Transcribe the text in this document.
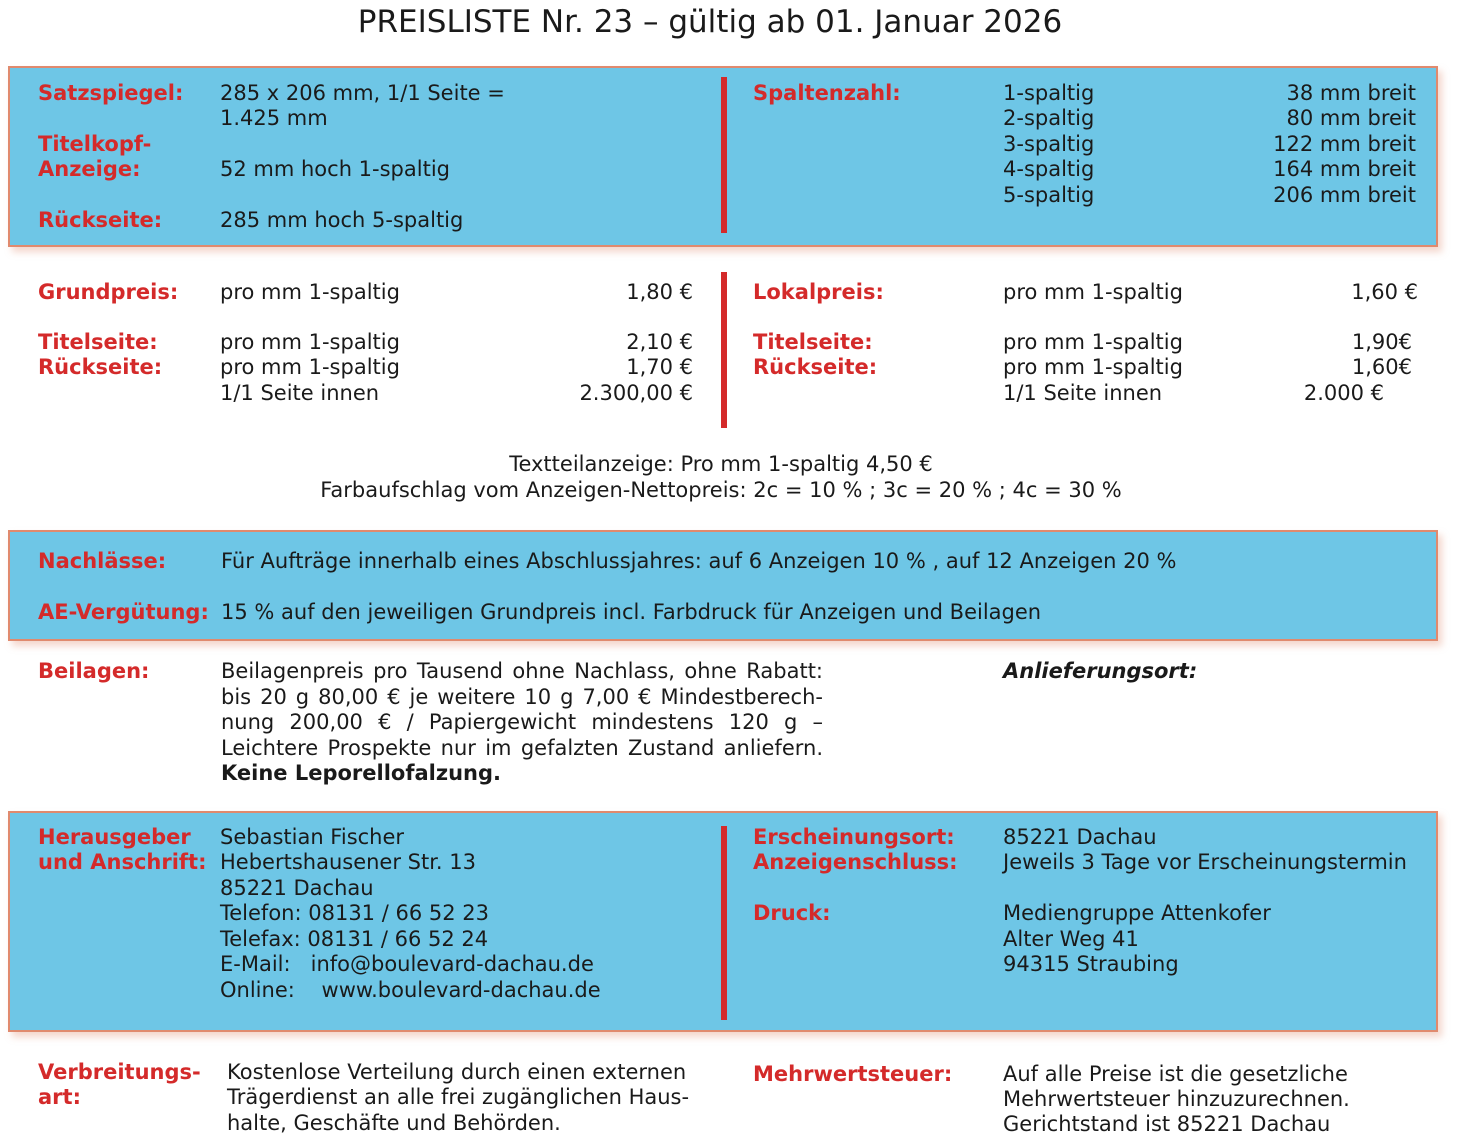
PREISLISTE Nr. 23 – gültig ab 01. Januar 2026
Satzspiegel: 285 x 206 mm, 1/1 Seite =
1.425 mm
Titelkopf-
Anzeige:	52 mm hoch 1-spaltig
Rückseite:	285 mm hoch 5-spaltig
Spaltenzahl:	1-spaltig	38 mm breit
2-spaltig	80 mm breit
3-spaltig	122 mm breit
4-spaltig	164 mm breit
5-spaltig	206 mm breit
Grundpreis: pro mm 1-spaltig	1,80 €
Titelseite:	pro mm 1-spaltig	2,10 €
Rückseite:	pro mm 1-spaltig	1,70 €
1/1 Seite innen	2.300,00 €
Lokalpreis:	pro mm 1-spaltig	1,60 €
Titelseite:	pro mm 1-spaltig	1,90€
Rückseite:	pro mm 1-spaltig	1,60€
1/1 Seite innen	2.000 €
Textteilanzeige: Pro mm 1-spaltig 4,50 €
Farbaufschlag vom Anzeigen-Nettopreis: 2c = 10 % ; 3c = 20 % ; 4c = 30 %
Nachlässe:	Für Aufträge innerhalb eines Abschlussjahres: auf 6 Anzeigen 10 % , auf 12 Anzeigen 20 %
AE-Vergütung: 15 % auf den jeweiligen Grundpreis incl. Farbdruck für Anzeigen und Beilagen
Beilagen:	Beilagenpreis pro Tausend ohne Nachlass, ohne Rabatt: bis 20 g 80,00 € je weitere 10 g 7,00 € Mindestberechnung 200,00 € / Papiergewicht mindestens 120 g – Leichtere Prospekte nur im gefalzten Zustand anliefern. Keine Leporellofalzung.
Anlieferungsort:
Herausgeber
und Anschrift:
Sebastian Fischer
Hebertshausener Str. 13
85221 Dachau
Telefon: 08131 / 66 52 23
Telefax: 08131 / 66 52 24
E-Mail:   info@boulevard-dachau.de
Online:    www.boulevard-dachau.de
Erscheinungsort: 85221 Dachau
Anzeigenschluss: Jeweils 3 Tage vor Erscheinungstermin
Druck:	Mediengruppe Attenkofer
Alter Weg 41
94315 Straubing
Verbreitungs-
art:
Kostenlose Verteilung durch einen externen
Trägerdienst an alle frei zugänglichen Haus-
halte, Geschäfte und Behörden.
Mehrwertsteuer: Auf alle Preise ist die gesetzliche
Mehrwertsteuer hinzuzurechnen.
Gerichtstand ist 85221 Dachau
